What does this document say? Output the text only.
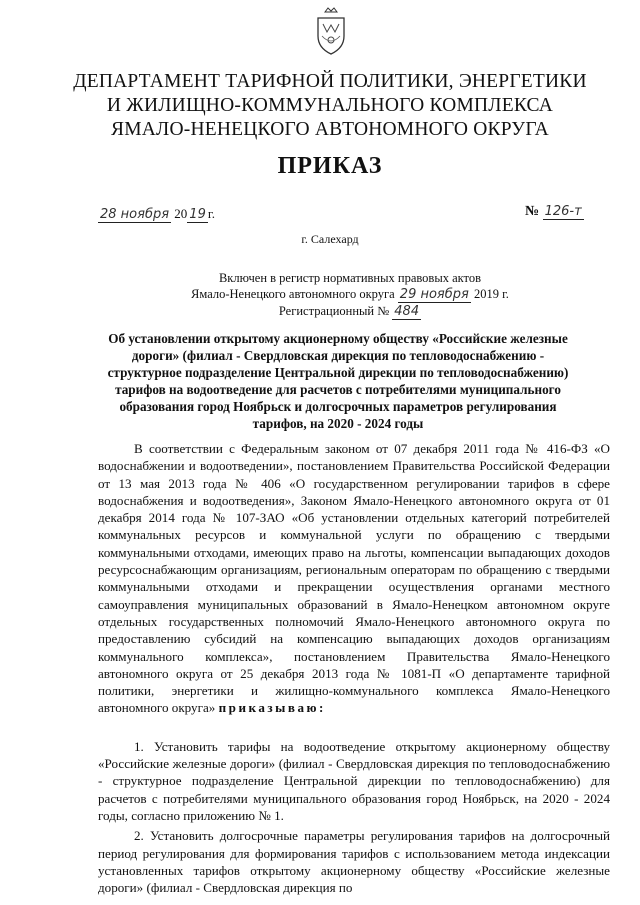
ДЕПАРТАМЕНТ ТАРИФНОЙ ПОЛИТИКИ, ЭНЕРГЕТИКИ
И ЖИЛИЩНО-КОММУНАЛЬНОГО КОМПЛЕКСА
ЯМАЛО-НЕНЕЦКОГО АВТОНОМНОГО ОКРУГА
ПРИКАЗ
28 ноября 20 19 г.	№ 126-т
г. Салехард
Включен в регистр нормативных правовых актов
Ямало-Ненецкого автономного округа 29 ноября 2019 г.
Регистрационный № 484
Об установлении открытому акционерному обществу «Российские железные дороги» (филиал - Свердловская дирекция по тепловодоснабжению - структурное подразделение Центральной дирекции по тепловодоснабжению) тарифов на водоотведение для расчетов с потребителями муниципального образования город Ноябрьск и долгосрочных параметров регулирования тарифов, на 2020 - 2024 годы

В соответствии с Федеральным законом от 07 декабря 2011 года № 416-ФЗ «О водоснабжении и водоотведении», постановлением Правительства Российской Федерации от 13 мая 2013 года № 406 «О государственном регулировании тарифов в сфере водоснабжения и водоотведения», Законом Ямало-Ненецкого автономного округа от 01 декабря 2014 года № 107-ЗАО «Об установлении отдельных категорий потребителей коммунальных ресурсов и коммунальной услуги по обращению с твердыми коммунальными отходами, имеющих право на льготы, компенсации выпадающих доходов ресурсоснабжающим организациям, региональным операторам по обращению с твердыми коммунальными отходами и прекращении осуществления органами местного самоуправления муниципальных образований в Ямало-Ненецком автономном округе отдельных государственных полномочий Ямало-Ненецкого автономного округа по предоставлению субсидий на компенсацию выпадающих доходов организациям коммунального комплекса», постановлением Правительства Ямало-Ненецкого автономного округа от 25 декабря 2013 года № 1081-П «О департаменте тарифной политики, энергетики и жилищно-коммунального комплекса Ямало-Ненецкого автономного округа» приказываю:

1. Установить тарифы на водоотведение открытому акционерному обществу «Российские железные дороги» (филиал - Свердловская дирекция по тепловодоснабжению - структурное подразделение Центральной дирекции по тепловодоснабжению) для расчетов с потребителями муниципального образования город Ноябрьск, на 2020 - 2024 годы, согласно приложению № 1.

2. Установить долгосрочные параметры регулирования тарифов на долгосрочный период регулирования для формирования тарифов с использованием метода индексации установленных тарифов открытому акционерному обществу «Российские железные дороги» (филиал - Свердловская дирекция по
